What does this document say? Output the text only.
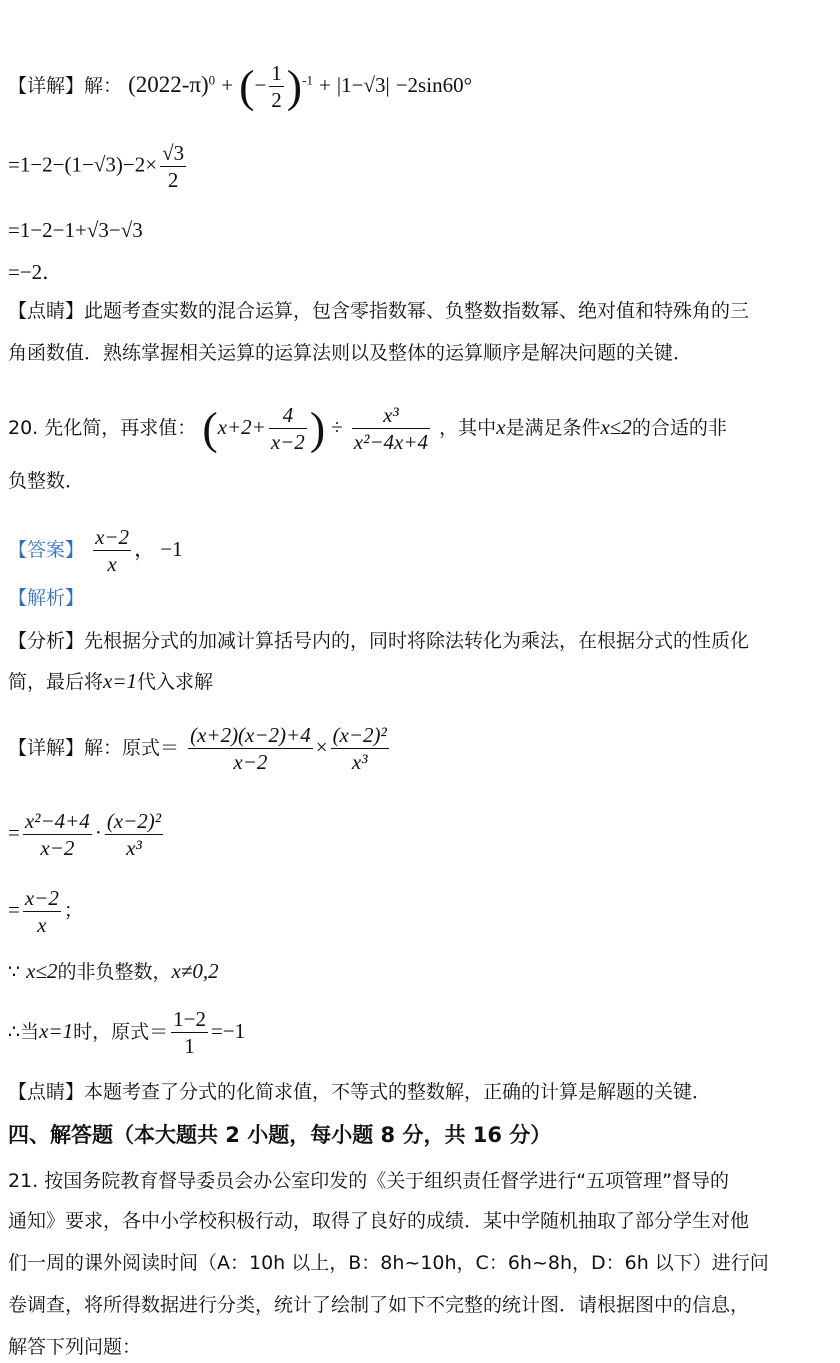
【详解】解： $(2022-\pi)^0$ + (− $\frac{1}{2} )^{-1} + |1-√3| -2\sin 60^\circ$
$=1-2-(1-√3)-2\times \frac{√3}{2}$
=1−2−1+√3−√3
=−2．
【点睛】此题考查实数的混合运算，包含零指数幂、负整数指数幂、绝对值和特殊角的三
角函数值．熟练掌握相关运算的运算法则以及整体的运算顺序是解决问题的关键．
20. 先化简，再求值： ($x+2+ \frac{4}{x-2}$ ) ÷ $\frac{\text{x³}}{\text{x²−4x+4}}$ ，其中x是满足条件x≤2的合适的非
负整数．
【答案】 $\frac{x-2}{x}$ ， −1
【解析】
【分析】先根据分式的加减计算括号内的，同时将除法转化为乘法，在根据分式的性质化
简，最后将x=1代入求解
【详解】解：原式＝ $\frac{(x+2)(x-2)+4}{x-2} \times \frac{\text{(x−2)²}}{\text{x³}}$
= $\frac{\text{x²−4+4}}{x-2} \cdot \frac{\text{(x−2)²}}{\text{x³}}$
= $\frac{x-2}{x}$ ；
∵ x≤2的非负整数，x≠0,2
∴当x=1时，原式＝ $\frac{1-2}{1} =-1$
【点睛】本题考查了分式的化简求值，不等式的整数解，正确的计算是解题的关键．
四、解答题（本大题共 2 小题，每小题 8 分，共 16 分）
21. 按国务院教育督导委员会办公室印发的《关于组织责任督学进行“五项管理”督导的
通知》要求，各中小学校积极行动，取得了良好的成绩．某中学随机抽取了部分学生对他
们一周的课外阅读时间（A：10h 以上，B：8h~10h，C：6h~8h，D：6h 以下）进行问
卷调查，将所得数据进行分类，统计了绘制了如下不完整的统计图．请根据图中的信息，
解答下列问题：
